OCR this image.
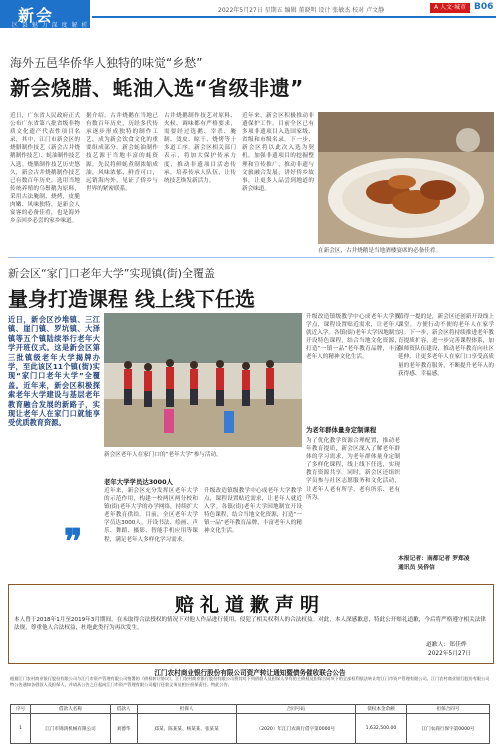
新会
区 县 魅 力 深 度 解 析
2022年5月27日 星期五 编辑 董晓明 设计 张敏杰 校对 卢文静	A 人文·城市 B06
海外五邑华侨华人独特的味觉“乡愁”
新会烧腊、蚝油入选“省级非遗”
近日，广东省人民政府正式公布广东省第八批省级非物质文化遗产代表性项目名录，其中，江门市新会区的烧腊制作技艺（新会古井烧鹅制作技艺）、蚝油制作技艺入选。烧腊制作技艺历史悠久，新会古井烧鹅制作技艺已有数百年历史，选用当地传统养殖的乌鬃鹅为原料，采用古法腌制、烧烤，皮脆肉嫩、风味独特，是新会人宴客的必备佳肴，也是海外乡亲回乡必尝的家乡味道。
据介绍，古井烧鹅在当地已有数百年历史，历经多代传承逐步形成独特的制作工艺，成为新会饮食文化的重要组成部分。新会蚝油制作技艺源于当地丰富的蚝资源，先民将鲜蚝煮制浓缩成油，风味浓郁、鲜香可口，远销海内外，见证了侨乡与世界的紧密联系。
古井烧鹅制作技艺对原料、火候、调味都有严格要求，需要经过选鹅、宰杀、腌制、烫皮、晾干、烧烤等十多道工序。新会区相关部门表示，将加大保护传承力度，推动非遗项目活态传承，培养传承人队伍，让传统技艺焕发新活力。
近年来，新会区积极推动非遗保护工作，目前全区已有多项非遗项目入选国家级、省级和市级名录。下一步，新会区将以此次入选为契机，加强非遗项目的挖掘整理和宣传推广，推动非遗与文旅融合发展，讲好侨乡故事，让更多人品尝到地道的新会味道。
在新会区，古井烧鹅是当地酒楼宴席的必备佳肴。
新会区“家门口老年大学”实现镇(街)全覆盖
量身打造课程 线上线下任选
近日，新会区沙堆镇、三江镇、崖门镇、罗坑镇、大泽镇等五个镇陆续举行老年大学开班仪式。这是新会区第三批镇级老年大学揭牌办学，至此该区11个镇(街)实现“家门口老年大学”全覆盖。近年来，新会区积极探索老年大学建设与基层老年教育融合发展的新路子，实现让老年人在家门口就能享受优质教育资源。
❞
新会区老年人在家门口的“老年大学”参与活动。
老年大学学员达3000人
近年来，新会区充分发挥区老年大学的示范作用，构建一校两区两分校和镇(街)老年大学的办学网络，持续扩大老年教育供给。目前，全区老年大学学员达3000人，开设书法、绘画、声乐、舞蹈、摄影、智能手机应用等课程，满足老年人多样化学习需求。
升级改造镇级教学中心成老年大学教学点，课程设置贴近需求，让老年人就近入学。各镇(街)老年大学因地制宜开设特色课程，结合当地文化资源，打造“一镇一品”老年教育品牌，丰富老年人的精神文化生活。
升级改造镇级教学中心成老年大学教学点，课程设置贴近需求，让老年人就近入学。各镇(街)老年大学因地制宜开设特色课程，结合当地文化资源，打造“一镇一品”老年教育品牌，丰富老年人的精神文化生活。
为老年群体量身定制课程
为了优化教学资源合理配置，推动老年教育提质，新会区深入了解老年群体的学习需求，为老年群体量身定制了多样化课程，线上线下任选，实现教育资源共享。同时，新会区还组织学员参与社区志愿服务和文化活动，让老年人老有所学、老有所乐、老有所为。
值得一提的是，新会区还创新开设线上课堂，方便行动不便的老年人在家学习。下一步，新会区将持续推进老年教育提质扩容，进一步完善课程体系，加强师资队伍建设，推动老年教育向社区延伸，让更多老年人在家门口享受高质量的老年教育服务，不断提升老年人的获得感、幸福感。
本报记者：南都记者 罗郑凌
通讯员 吴侨信
赔礼道歉声明
本人曾于2018年1月至2019年3月期间，在未取得合法授权的情况下对他人作品进行使用，侵犯了相关权利人的合法权益。对此，本人深感歉意，特此公开赔礼道歉，今后将严格遵守相关法律法规，尊重他人合法权益，杜绝此类行为再次发生。
道歉人：郑佳烨
2022年5月27日
江门农村商业银行股份有限公司资产转让通知暨债务催收联合公告
根据江门农村商业银行股份有限公司与江门市资产管理有限公司签署的《债权转让协议》，江门农村商业银行股份有限公司将其对下列借款人及担保人享有的主债权及担保合同项下的全部权利依法转让给江门市资产管理有限公司。江门农村商业银行股份有限公司特公告通知各借款人及担保人，并请从公告之日起向江门市资产管理有限公司履行还款义务及相应担保责任。特此公告。
序号	借款人名称	借款人	担保人	合同号码	债权本金余额	担保合同号
1	江门市锦鸿机械有限公司	刘德华	郑某、陈某某、杨某某、张某某	（2020）年江门农商行借字第0000号	1,632,500.00	江门农商行保字第0000号
